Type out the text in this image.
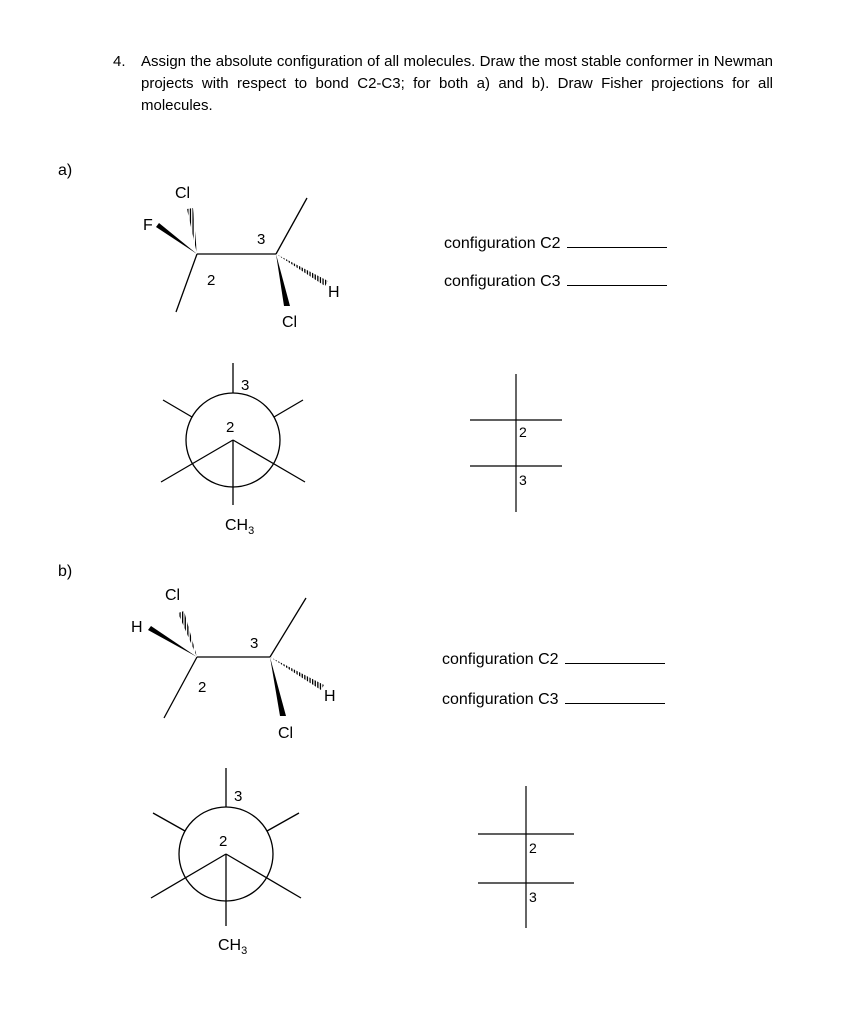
4. Assign the absolute configuration of all molecules. Draw the most stable conformer in Newman projects with respect to bond C2-C3; for both a) and b). Draw Fisher projections for all molecules.
a)
b)
configuration C2
configuration C3
configuration C2
configuration C3
Cl
F
2
3
H
Cl
3
2
$CH_3$
2
3
Cl
H
2
3
H
Cl
3
2
$CH_3$
2
3
